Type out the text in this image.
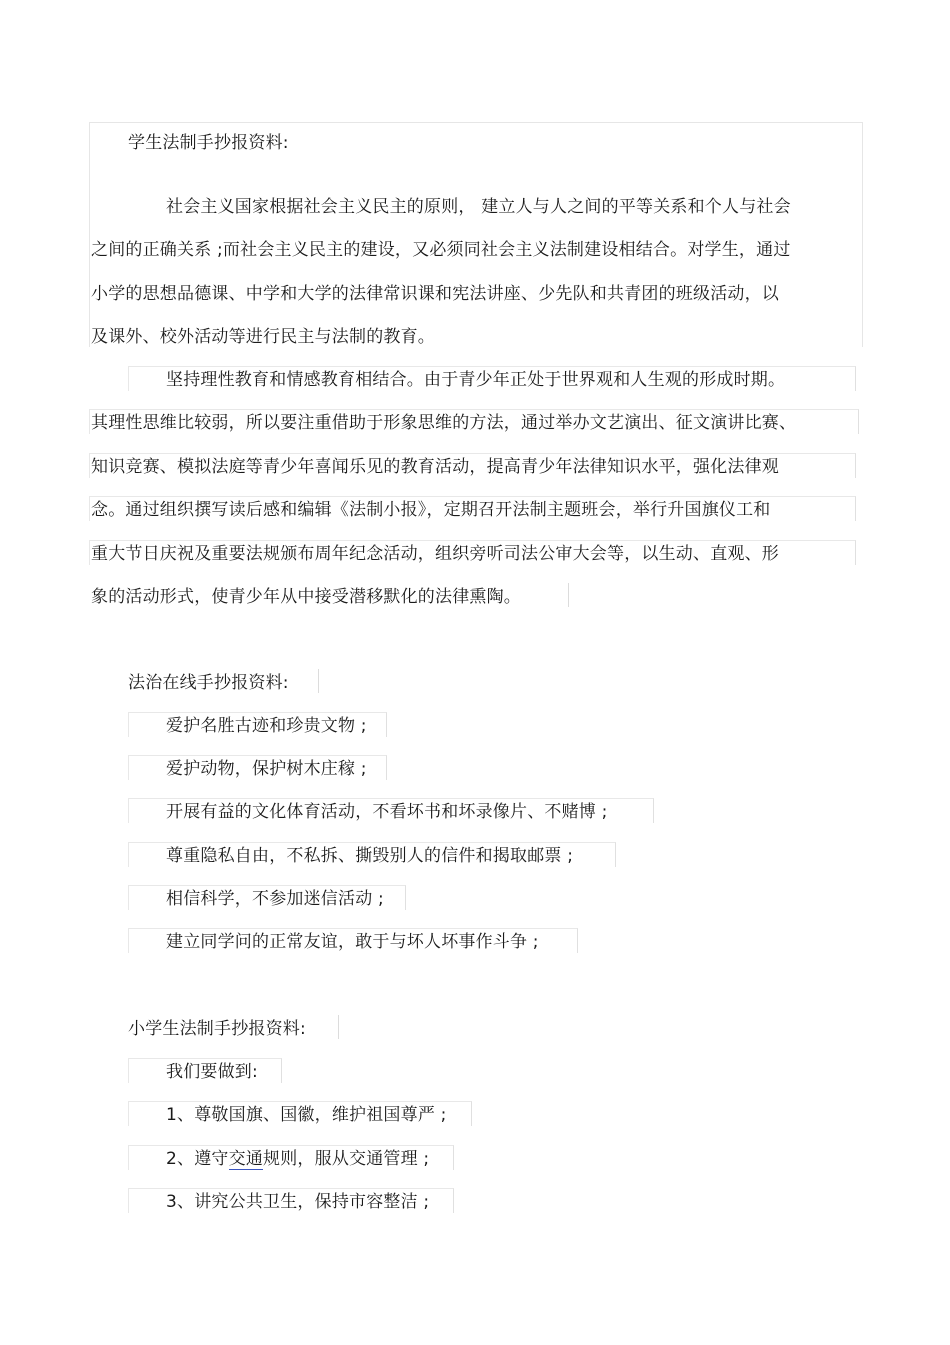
学生法制手抄报资料:
社会主义国家根据社会主义民主的原则， 建立人与人之间的平等关系和个人与社会
之间的正确关系 ;而社会主义民主的建设，又必须同社会主义法制建设相结合。对学生，通过
小学的思想品德课、中学和大学的法律常识课和宪法讲座、少先队和共青团的班级活动，以
及课外、校外活动等进行民主与法制的教育。
坚持理性教育和情感教育相结合。由于青少年正处于世界观和人生观的形成时期。
其理性思维比较弱，所以要注重借助于形象思维的方法，通过举办文艺演出、征文演讲比赛、
知识竞赛、模拟法庭等青少年喜闻乐见的教育活动，提高青少年法律知识水平，强化法律观
念。通过组织撰写读后感和编辑《法制小报》，定期召开法制主题班会，举行升国旗仪工和
重大节日庆祝及重要法规颁布周年纪念活动，组织旁听司法公审大会等，以生动、直观、形
象的活动形式，使青少年从中接受潜移默化的法律熏陶。
法治在线手抄报资料:
爱护名胜古迹和珍贵文物 ;
爱护动物，保护树木庄稼 ;
开展有益的文化体育活动，不看坏书和坏录像片、不赌博 ;
尊重隐私自由，不私拆、撕毁别人的信件和揭取邮票 ;
相信科学，不参加迷信活动 ;
建立同学问的正常友谊，敢于与坏人坏事作斗争 ;
小学生法制手抄报资料:
我们要做到:
1、尊敬国旗、国徽，维护祖国尊严 ;
2、遵守交通规则，服从交通管理 ;
3、讲究公共卫生，保持市容整洁 ;
